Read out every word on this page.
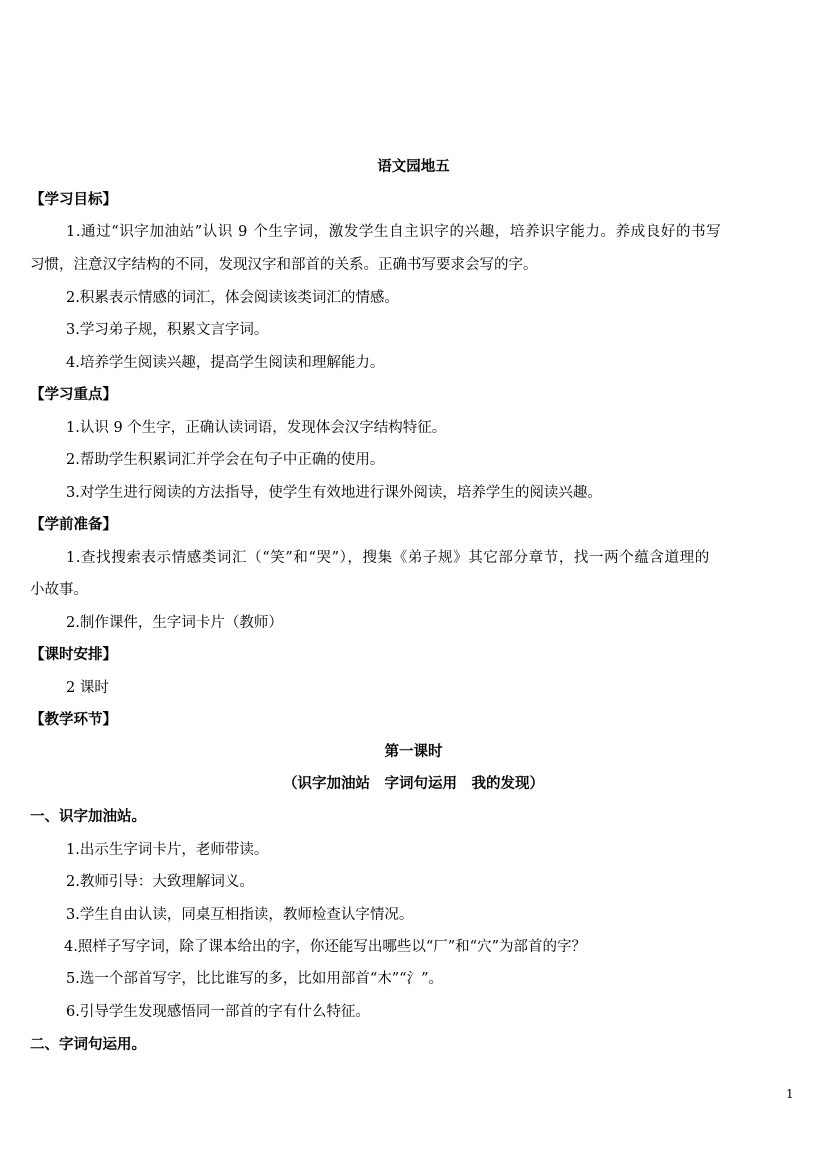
语文园地五
【学习目标】
1.通过“识字加油站”认识 9 个生字词，激发学生自主识字的兴趣，培养识字能力。养成良好的书写
习惯，注意汉字结构的不同，发现汉字和部首的关系。正确书写要求会写的字。
2.积累表示情感的词汇，体会阅读该类词汇的情感。
3.学习弟子规，积累文言字词。
4.培养学生阅读兴趣，提高学生阅读和理解能力。
【学习重点】
1.认识 9 个生字，正确认读词语，发现体会汉字结构特征。
2.帮助学生积累词汇并学会在句子中正确的使用。
3.对学生进行阅读的方法指导，使学生有效地进行课外阅读，培养学生的阅读兴趣。
【学前准备】
1.查找搜索表示情感类词汇（“笑”和“哭”），搜集《弟子规》其它部分章节，找一两个蕴含道理的
小故事。
2.制作课件，生字词卡片（教师）
【课时安排】
2 课时
【教学环节】
第一课时
（识字加油站　字词句运用　我的发现）
一、识字加油站。
1.出示生字词卡片，老师带读。
2.教师引导：大致理解词义。
3.学生自由认读，同桌互相指读，教师检查认字情况。
4.照样子写字词，除了课本给出的字，你还能写出哪些以“厂”和“穴”为部首的字？
5.选一个部首写字，比比谁写的多，比如用部首“木”“氵”。
6.引导学生发现感悟同一部首的字有什么特征。
二、字词句运用。
1
